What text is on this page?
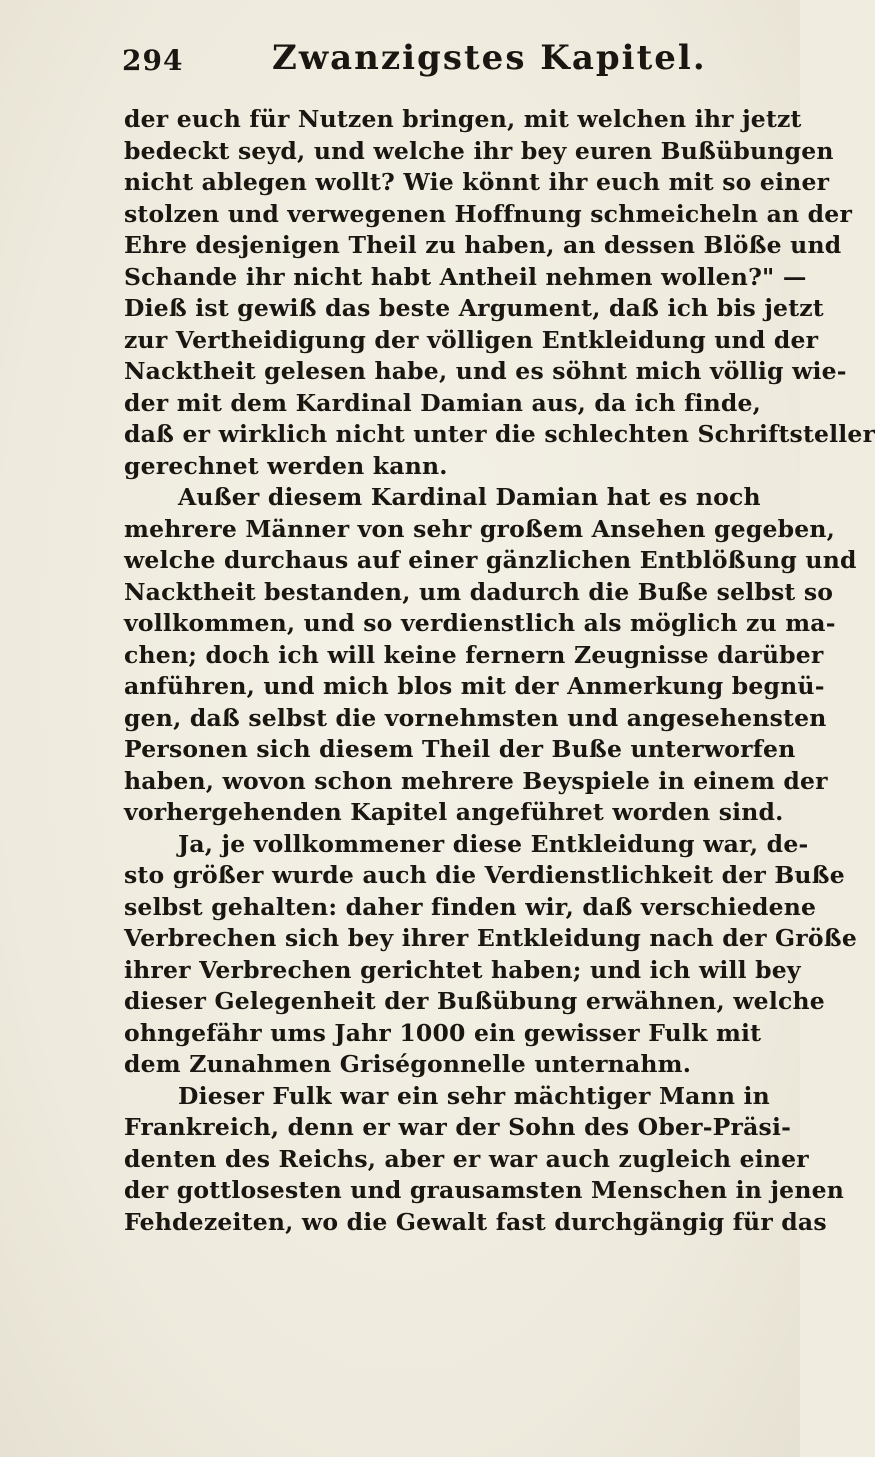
294	Zwanzigstes Kapitel.
der euch für Nutzen bringen, mit welchen ihr jetzt
bedeckt seyd, und welche ihr bey euren Bußübungen
nicht ablegen wollt? Wie könnt ihr euch mit so einer
stolzen und verwegenen Hoffnung schmeicheln an der
Ehre desjenigen Theil zu haben, an dessen Blöße und
Schande ihr nicht habt Antheil nehmen wollen?" —
Dieß ist gewiß das beste Argument, daß ich bis jetzt
zur Vertheidigung der völligen Entkleidung und der
Nacktheit gelesen habe, und es söhnt mich völlig wie-
der mit dem Kardinal Damian aus, da ich finde,
daß er wirklich nicht unter die schlechten Schriftsteller
gerechnet werden kann.
Außer diesem Kardinal Damian hat es noch
mehrere Männer von sehr großem Ansehen gegeben,
welche durchaus auf einer gänzlichen Entblößung und
Nacktheit bestanden, um dadurch die Buße selbst so
vollkommen, und so verdienstlich als möglich zu ma-
chen; doch ich will keine fernern Zeugnisse darüber
anführen, und mich blos mit der Anmerkung begnü-
gen, daß selbst die vornehmsten und angesehensten
Personen sich diesem Theil der Buße unterworfen
haben, wovon schon mehrere Beyspiele in einem der
vorhergehenden Kapitel angeführet worden sind.
Ja, je vollkommener diese Entkleidung war, de-
sto größer wurde auch die Verdienstlichkeit der Buße
selbst gehalten: daher finden wir, daß verschiedene
Verbrechen sich bey ihrer Entkleidung nach der Größe
ihrer Verbrechen gerichtet haben; und ich will bey
dieser Gelegenheit der Bußübung erwähnen, welche
ohngefähr ums Jahr 1000 ein gewisser Fulk mit
dem Zunahmen Griségonnelle unternahm.
Dieser Fulk war ein sehr mächtiger Mann in
Frankreich, denn er war der Sohn des Ober-Präsi-
denten des Reichs, aber er war auch zugleich einer
der gottlosesten und grausamsten Menschen in jenen
Fehdezeiten, wo die Gewalt fast durchgängig für das
